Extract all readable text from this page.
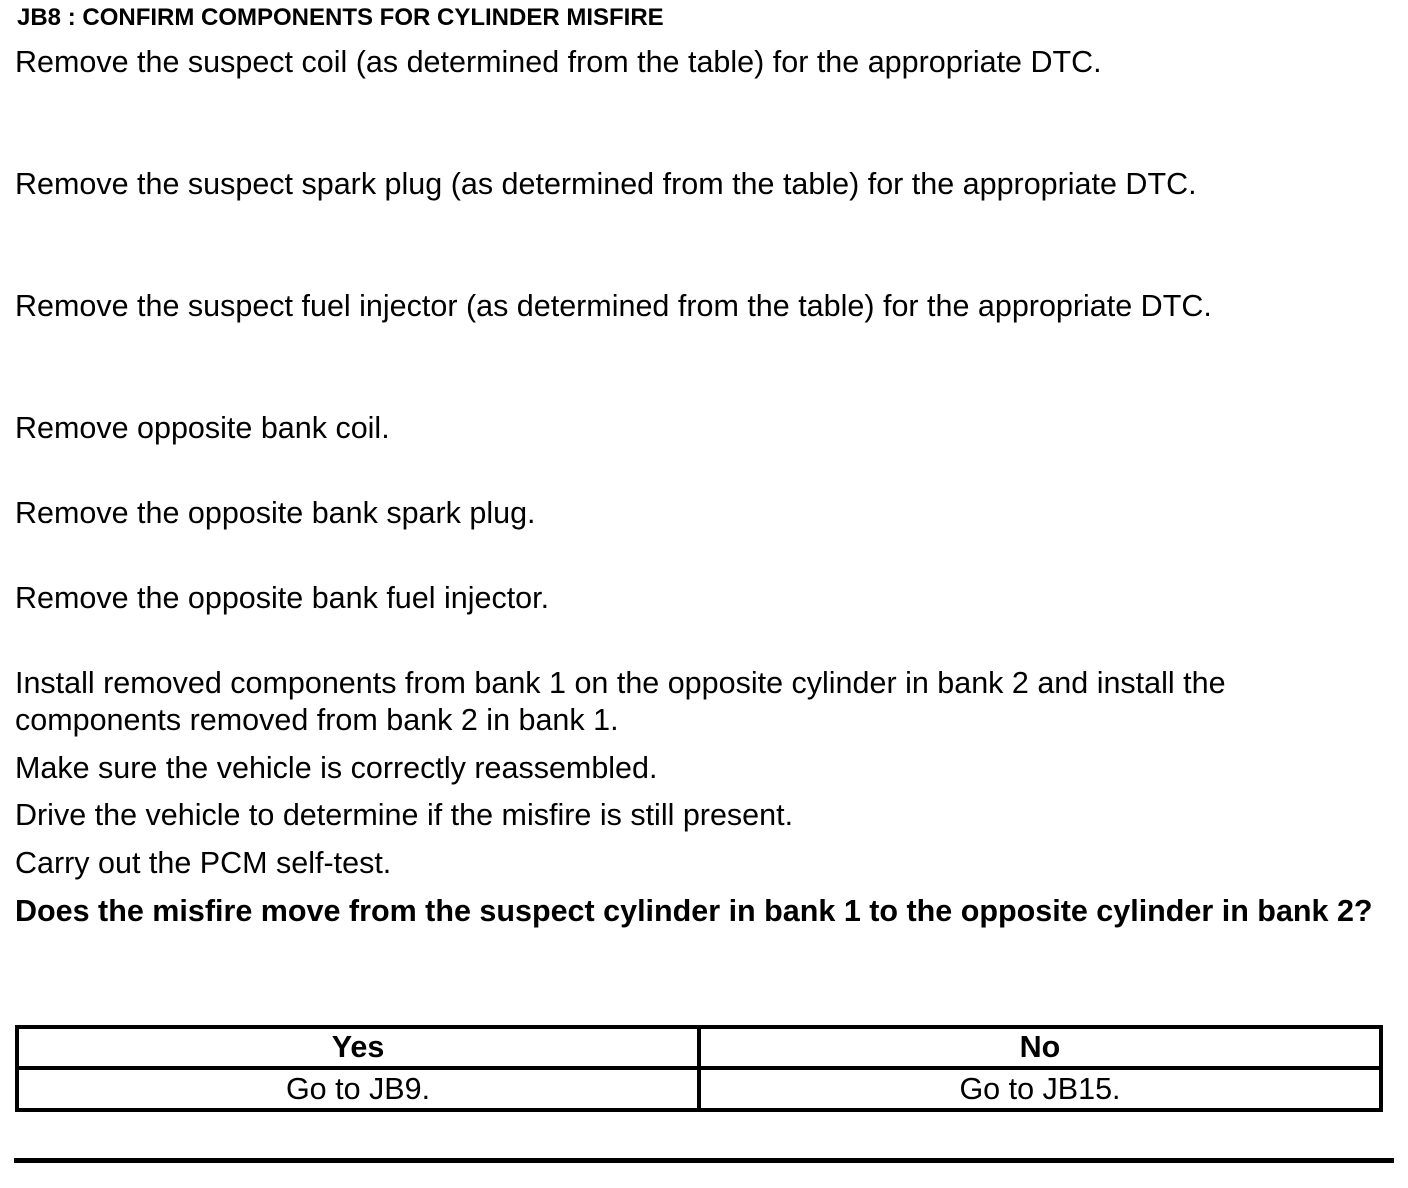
JB8 : CONFIRM COMPONENTS FOR CYLINDER MISFIRE
Remove the suspect coil (as determined from the table) for the appropriate DTC.
Remove the suspect spark plug (as determined from the table) for the appropriate DTC.
Remove the suspect fuel injector (as determined from the table) for the appropriate DTC.
Remove opposite bank coil.
Remove the opposite bank spark plug.
Remove the opposite bank fuel injector.
Install removed components from bank 1 on the opposite cylinder in bank 2 and install the
components removed from bank 2 in bank 1.
Make sure the vehicle is correctly reassembled.
Drive the vehicle to determine if the misfire is still present.
Carry out the PCM self-test.
Does the misfire move from the suspect cylinder in bank 1 to the opposite cylinder in bank 2?
Yes	No
Go to JB9.	Go to JB15.
